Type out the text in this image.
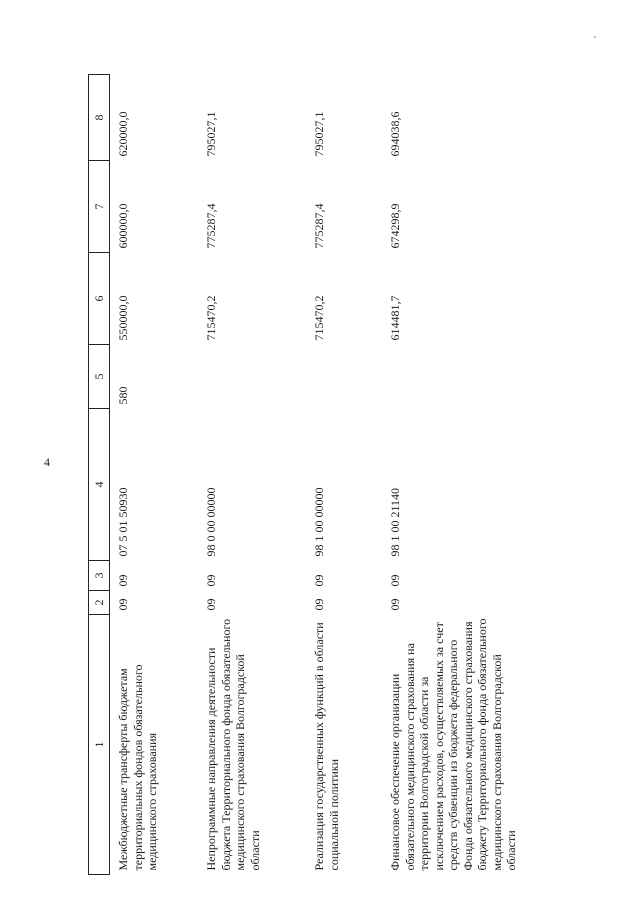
4
1	2	3	4	5	6	7	8
Межбюджетные трансферты бюджетам территориальных фондов обязательного медицинского страхования	09	09	07 5 01 50930	580	550000,0	600000,0	620000,0
Непрограммные направления деятельности бюджета Территориального фонда обязательного медицинского страхования Волгоградской области	09	09	98 0 00 00000		715470,2	775287,4	795027,1
Реализация государственных функций в области социальной политики	09	09	98 1 00 00000		715470,2	775287,4	795027,1
Финансовое обеспечение организации обязательного медицинского страхования на территории Волгоградской области за исключением расходов, осуществляемых за счет средств субвенции из бюджета федерального Фонда обязательного медицинского страхования бюджету Территориального фонда обязательного медицинского страхования Волгоградской области	09	09	98 1 00 21140		614481,7	674298,9	694038,6
